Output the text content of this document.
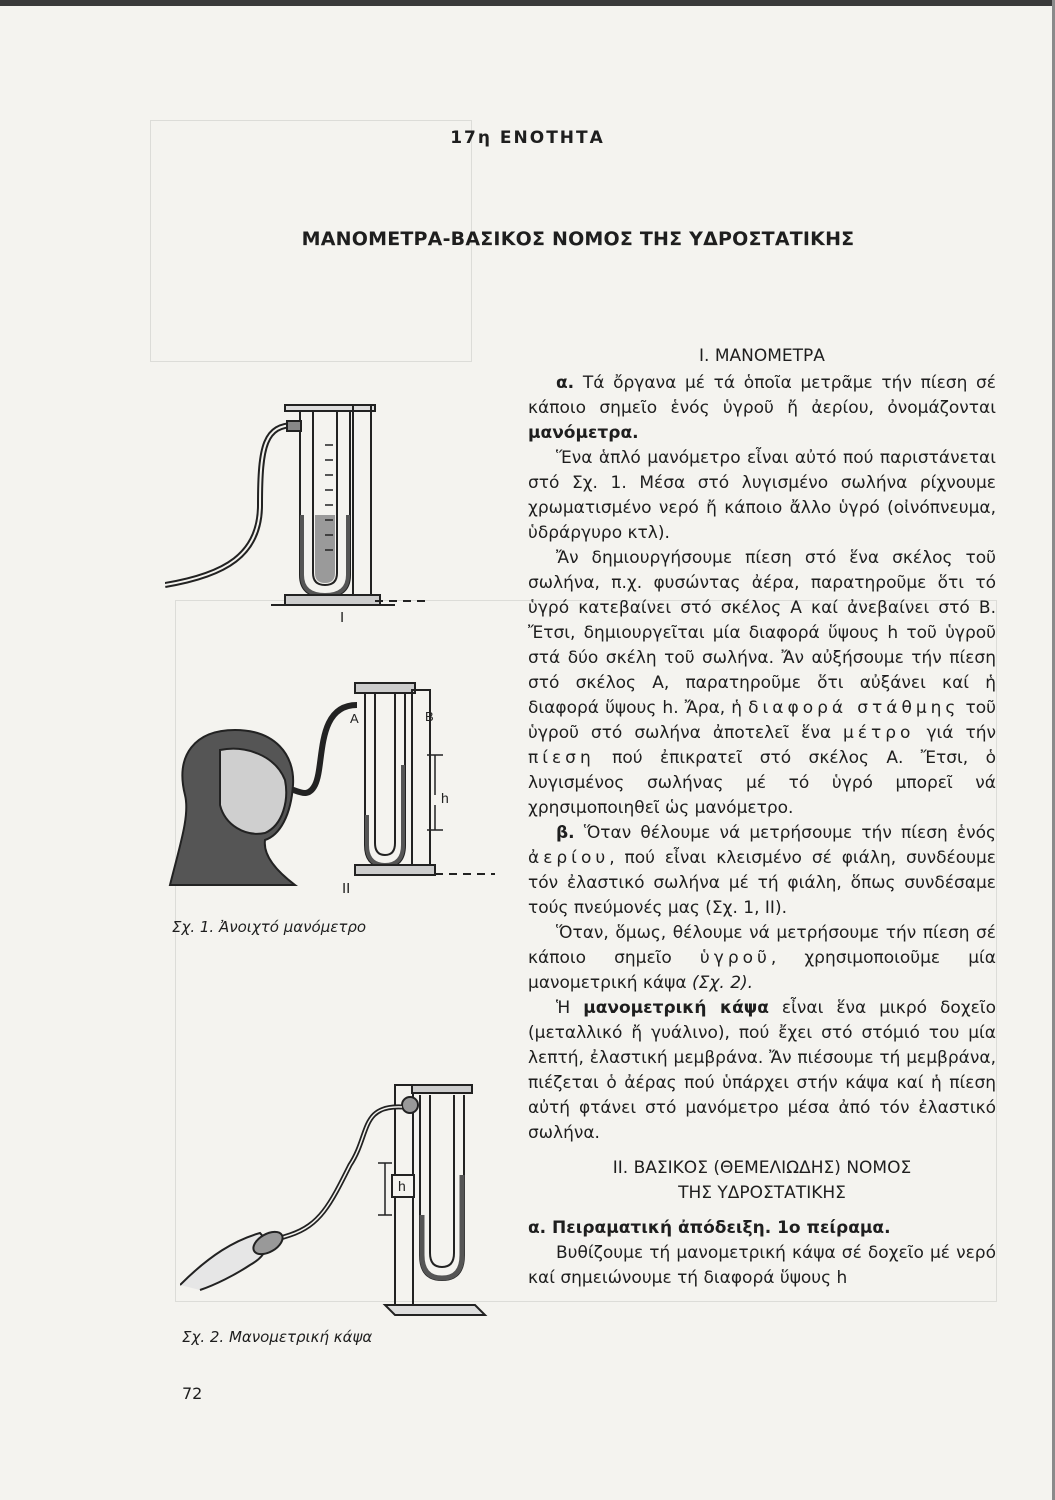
17η ΕΝΟΤΗΤΑ
ΜΑΝΟΜΕΤΡΑ-ΒΑΣΙΚΟΣ ΝΟΜΟΣ ΤΗΣ ΥΔΡΟΣΤΑΤΙΚΗΣ
I
II
A	B
h
Σχ. 1. Ἀνοιχτό μανόμετρο
h
Σχ. 2. Μανομετρική κάψα

Ι. ΜΑΝΟΜΕΤΡΑ

α. Τά ὄργανα μέ τά ὁποῖα μετρᾶμε τήν πίεση σέ κάποιο σημεῖο ἑνός ὑγροῦ ἤ ἀερίου, ὀνομάζονται μανόμετρα.

Ἕνα ἁπλό μανόμετρο εἶναι αὐτό πού παριστάνεται στό Σχ. 1. Μέσα στό λυγισμένο σωλήνα ρίχνουμε χρωματισμένο νερό ἤ κάποιο ἄλλο ὑγρό (οἰνόπνευμα, ὑδράργυρο κτλ).

Ἄν δημιουργήσουμε πίεση στό ἕνα σκέλος τοῦ σωλήνα, π.χ. φυσώντας ἀέρα, παρατηροῦμε ὅτι τό ὑγρό κατεβαίνει στό σκέλος Α καί ἀνεβαίνει στό Β. Ἔτσι, δημιουργεῖται μία διαφορά ὕψους h τοῦ ὑγροῦ στά δύο σκέλη τοῦ σωλήνα. Ἄν αὐξήσουμε τήν πίεση στό σκέλος Α, παρατηροῦμε ὅτι αὐξάνει καί ἡ διαφορά ὕψους h. Ἄρα, ἡ διαφορά στάθμης τοῦ ὑγροῦ στό σωλήνα ἀποτελεῖ ἕνα μέτρο γιά τήν πίεση πού ἐπικρατεῖ στό σκέλος Α. Ἔτσι, ὁ λυγισμένος σωλήνας μέ τό ὑγρό μπορεῖ νά χρησιμοποιηθεῖ ὡς μανόμετρο.

β. Ὅταν θέλουμε νά μετρήσουμε τήν πίεση ἑνός ἀερίου, πού εἶναι κλεισμένο σέ φιάλη, συνδέουμε τόν ἐλαστικό σωλήνα μέ τή φιάλη, ὅπως συνδέσαμε τούς πνεύμονές μας (Σχ. 1, II).

Ὅταν, ὅμως, θέλουμε νά μετρήσουμε τήν πίεση σέ κάποιο σημεῖο ὑγροῦ, χρησιμοποιοῦμε μία μανομετρική κάψα (Σχ. 2).

Ἡ μανομετρική κάψα εἶναι ἕνα μικρό δοχεῖο (μεταλλικό ἤ γυάλινο), πού ἔχει στό στόμιό του μία λεπτή, ἐλαστική μεμβράνα. Ἄν πιέσουμε τή μεμβράνα, πιέζεται ὁ ἀέρας πού ὑπάρχει στήν κάψα καί ἡ πίεση αὐτή φτάνει στό μανόμετρο μέσα ἀπό τόν ἐλαστικό σωλήνα.

ΙΙ. ΒΑΣΙΚΟΣ (ΘΕΜΕΛΙΩΔΗΣ) ΝΟΜΟΣ

ΤΗΣ ΥΔΡΟΣΤΑΤΙΚΗΣ

α. Πειραματική ἀπόδειξη. 1ο πείραμα.

Βυθίζουμε τή μανομετρική κάψα σέ δοχεῖο μέ νερό καί σημειώνουμε τή διαφορά ὕψους h

72
